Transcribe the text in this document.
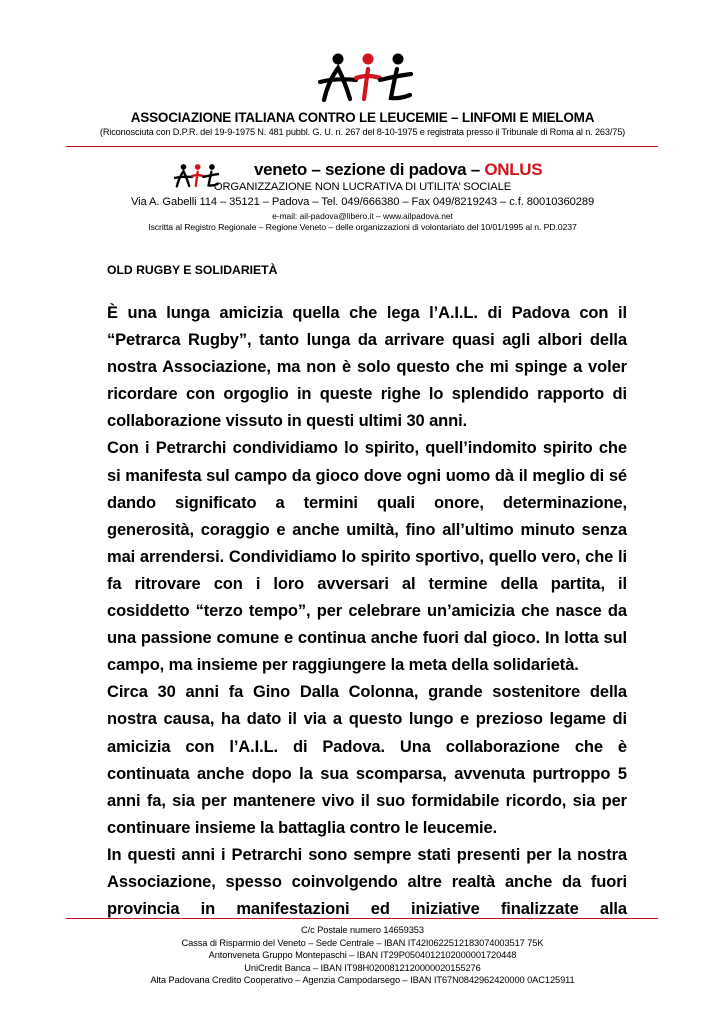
ASSOCIAZIONE ITALIANA CONTRO LE LEUCEMIE – LINFOMI E MIELOMA
(Riconosciuta con D.P.R. del 19-9-1975 N. 481 pubbl. G. U. n. 267 del 8-10-1975 e registrata presso il Tribunale di Roma al n. 263/75)
veneto – sezione di padova – ONLUS
ORGANIZZAZIONE NON LUCRATIVA DI UTILITA’ SOCIALE
Via A. Gabelli 114 – 35121 – Padova – Tel. 049/666380 – Fax 049/8219243 – c.f. 80010360289
e-mail: ail-padova@libero.it – www.ailpadova.net
Iscritta al Registro Regionale – Regione Veneto – delle organizzazioni di volontariato del 10/01/1995 al n. PD.0237
OLD RUGBY E SOLIDARIETÀ

È una lunga amicizia quella che lega l’A.I.L. di Padova con il “Petrarca Rugby”, tanto lunga da arrivare quasi agli albori della nostra Associazione, ma non è solo questo che mi spinge a voler ricordare con orgoglio in queste righe lo splendido rapporto di collaborazione vissuto in questi ultimi 30 anni.

Con i Petrarchi condividiamo lo spirito, quell’indomito spirito che si manifesta sul campo da gioco dove ogni uomo dà il meglio di sé dando significato a termini quali onore, determinazione, generosità, coraggio e anche umiltà, fino all’ultimo minuto senza mai arrendersi. Condividiamo lo spirito sportivo, quello vero, che li fa ritrovare con i loro avversari al termine della partita, il cosiddetto “terzo tempo”, per celebrare un’amicizia che nasce da una passione comune e continua anche fuori dal gioco. In lotta sul campo, ma insieme per raggiungere la meta della solidarietà.

Circa 30 anni fa Gino Dalla Colonna, grande sostenitore della nostra causa, ha dato il via a questo lungo e prezioso legame di amicizia con l’A.I.L. di Padova. Una collaborazione che è continuata anche dopo la sua scomparsa, avvenuta purtroppo 5 anni fa, sia per mantenere vivo il suo formidabile ricordo, sia per continuare insieme la battaglia contro le leucemie.

In questi anni i Petrarchi sono sempre stati presenti per la nostra Associazione, spesso coinvolgendo altre realtà anche da fuori provincia in manifestazioni ed iniziative finalizzate alla

C/c Postale numero 14659353
Cassa di Risparmio del Veneto – Sede Centrale – IBAN IT42I0622512183074003517 75K
Antonveneta Gruppo Montepaschi – IBAN IT29P0504012102000001720448
UniCredit Banca – IBAN IT98H0200812120000020155276
Alta Padovana Credito Cooperativo – Agenzia Campodarsego – IBAN IT67N0842962420000 0AC125911
